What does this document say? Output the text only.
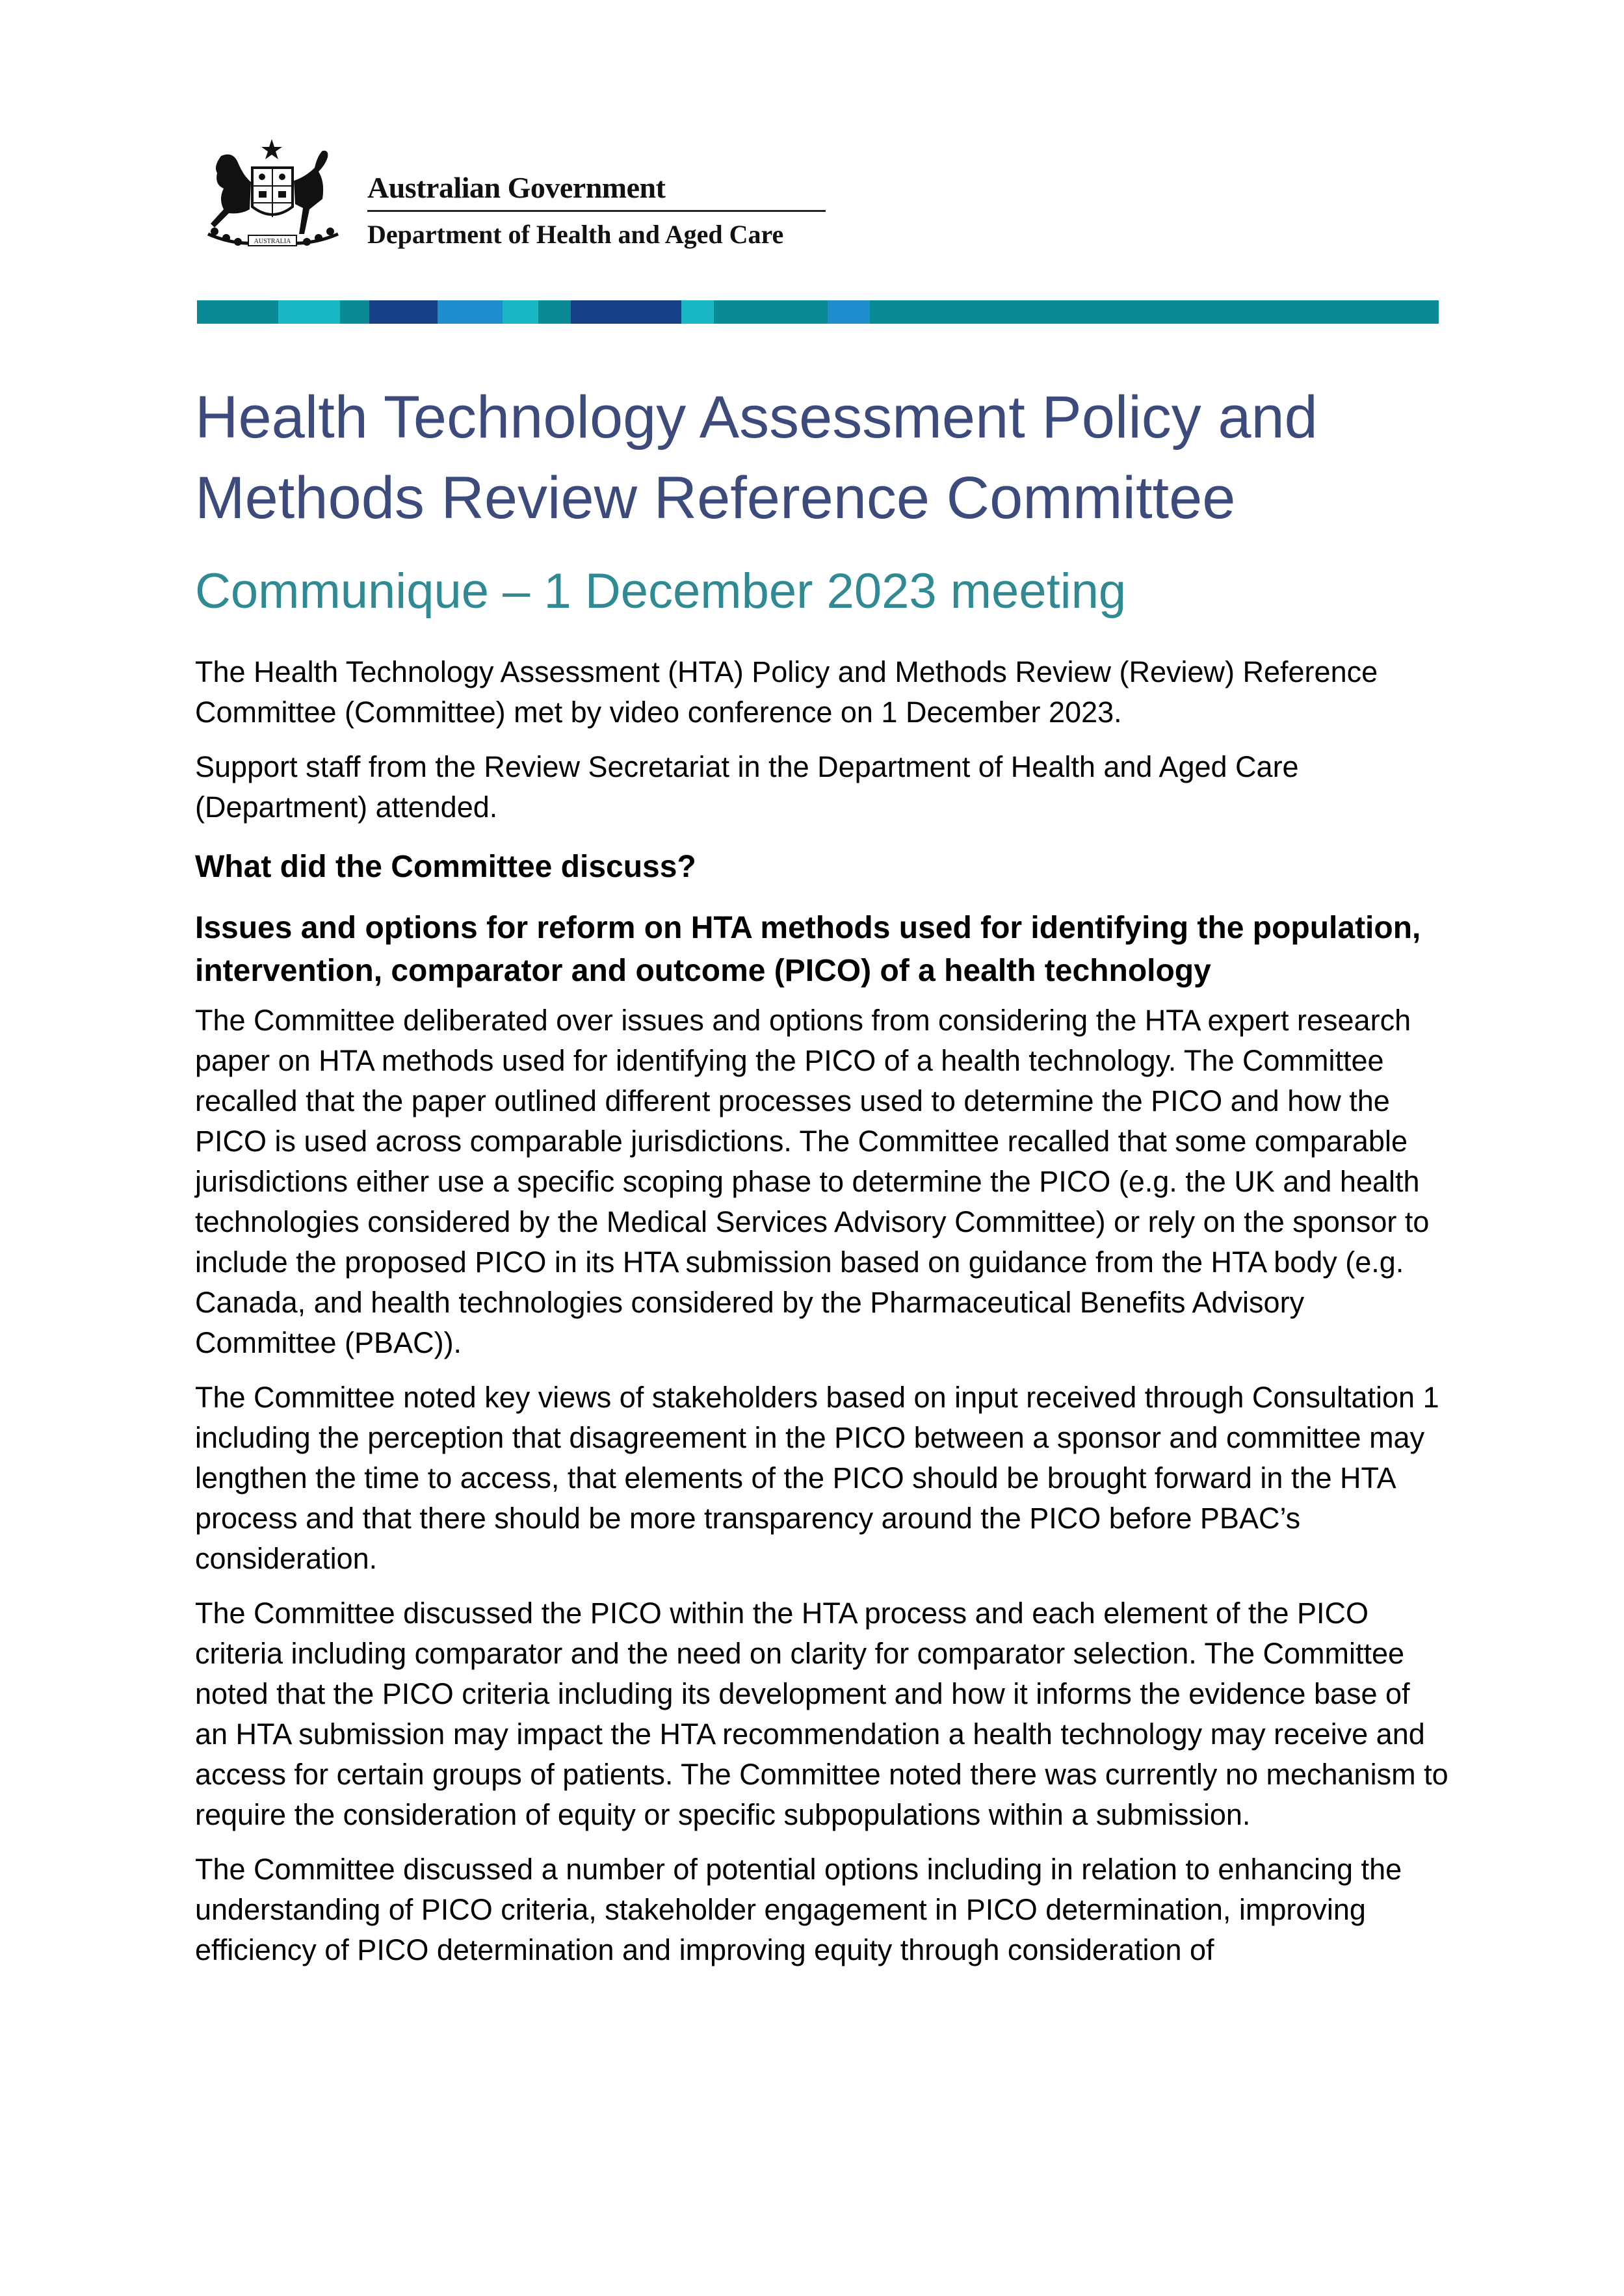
AUSTRALIA
Australian Government
Department of Health and Aged Care
Health Technology Assessment Policy and Methods Review Reference Committee
Communique – 1 December 2023 meeting

The Health Technology Assessment (HTA) Policy and Methods Review (Review) Reference Committee (Committee) met by video conference on 1 December 2023.

Support staff from the Review Secretariat in the Department of Health and Aged Care (Department) attended.

What did the Committee discuss?
Issues and options for reform on HTA methods used for identifying the population, intervention, comparator and outcome (PICO) of a health technology

The Committee deliberated over issues and options from considering the HTA expert research paper on HTA methods used for identifying the PICO of a health technology. The Committee recalled that the paper outlined different processes used to determine the PICO and how the PICO is used across comparable jurisdictions. The Committee recalled that some comparable jurisdictions either use a specific scoping phase to determine the PICO (e.g. the UK and health technologies considered by the Medical Services Advisory Committee) or rely on the sponsor to include the proposed PICO in its HTA submission based on guidance from the HTA body (e.g. Canada, and health technologies considered by the Pharmaceutical Benefits Advisory Committee (PBAC)).

The Committee noted key views of stakeholders based on input received through Consultation 1 including the perception that disagreement in the PICO between a sponsor and committee may lengthen the time to access, that elements of the PICO should be brought forward in the HTA process and that there should be more transparency around the PICO before PBAC’s consideration.

The Committee discussed the PICO within the HTA process and each element of the PICO criteria including comparator and the need on clarity for comparator selection. The Committee noted that the PICO criteria including its development and how it informs the evidence base of an HTA submission may impact the HTA recommendation a health technology may receive and access for certain groups of patients. The Committee noted there was currently no mechanism to require the consideration of equity or specific subpopulations within a submission.

The Committee discussed a number of potential options including in relation to enhancing the understanding of PICO criteria, stakeholder engagement in PICO determination, improving efficiency of PICO determination and improving equity through consideration of
